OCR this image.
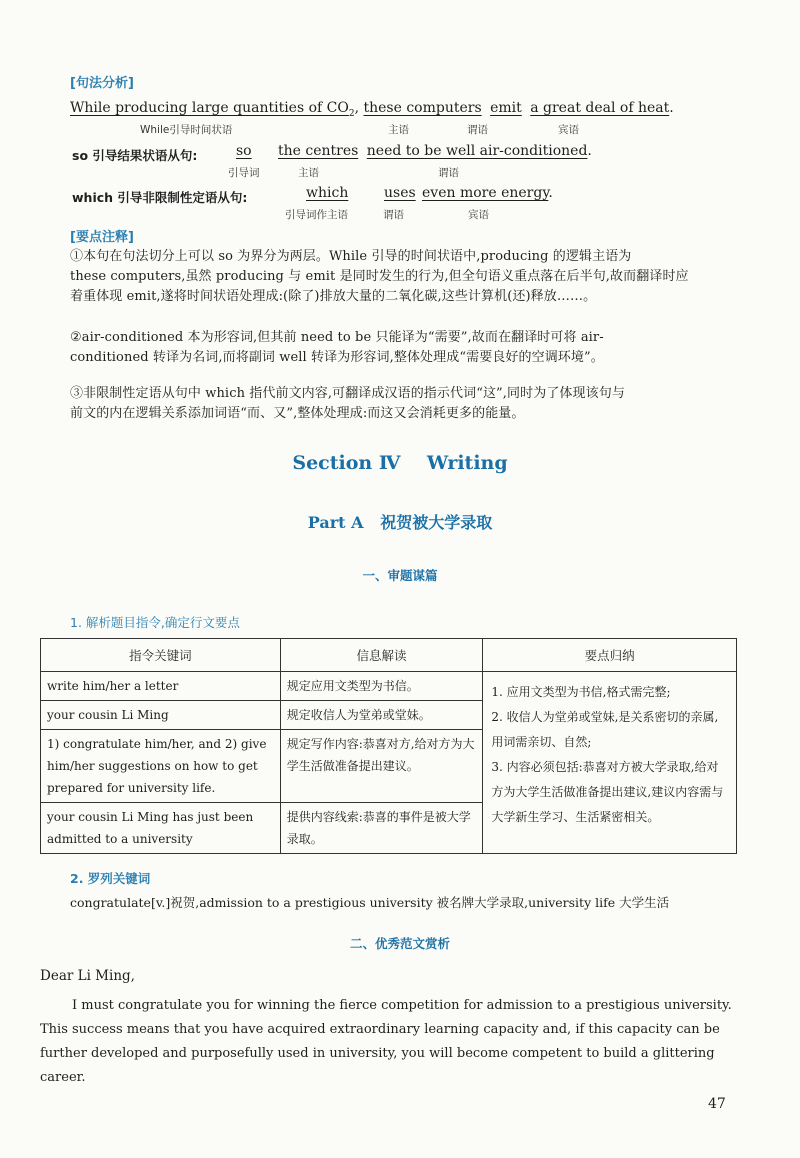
[句法分析]
While producing large quantities of $CO_2$, these computers emit a great deal of heat.
While引导时间状语	主语	谓语	宾语
so 引导结果状语从句:	so the centres need to be well air-conditioned.
引导词	主语	谓语
which 引导非限制性定语从句:	which	uses even more energy.
引导词作主语	谓语	宾语
[要点注释]
①本句在句法切分上可以 so 为界分为两层。While 引导的时间状语中,producing 的逻辑主语为
these computers,虽然 producing 与 emit 是同时发生的行为,但全句语义重点落在后半句,故而翻译时应
着重体现 emit,遂将时间状语处理成:(除了)排放大量的二氧化碳,这些计算机(还)释放……。
②air-conditioned 本为形容词,但其前 need to be 只能译为“需要”,故而在翻译时可将 air-
conditioned 转译为名词,而将副词 well 转译为形容词,整体处理成“需要良好的空调环境”。
③非限制性定语从句中 which 指代前文内容,可翻译成汉语的指示代词“这”,同时为了体现该句与
前文的内在逻辑关系添加词语“而、又”,整体处理成:而这又会消耗更多的能量。
Section Ⅳ    Writing
Part A   祝贺被大学录取
一、审题谋篇
1. 解析题目指令,确定行文要点
指令关键词	信息解读	要点归纳
write him/her a letter	规定应用文类型为书信。	1. 应用文类型为书信,格式需完整;
2. 收信人为堂弟或堂妹,是关系密切的亲属,用词需亲切、自然;
3. 内容必须包括:恭喜对方被大学录取,给对方为大学生活做准备提出建议,建议内容需与大学新生学习、生活紧密相关。

your cousin Li Ming	规定收信人为堂弟或堂妹。	
1) congratulate him/her, and 2) give him/her suggestions on how to get prepared for university life.	规定写作内容:恭喜对方,给对方为大学生活做准备提出建议。	
your cousin Li Ming has just been admitted to a university	提供内容线索:恭喜的事件是被大学录取。	
2. 罗列关键词
congratulate[v.]祝贺,admission to a prestigious university 被名牌大学录取,university life 大学生活
二、优秀范文赏析
Dear Li Ming,
I must congratulate you for winning the fierce competition for admission to a prestigious university.
This success means that you have acquired extraordinary learning capacity and, if this capacity can be
further developed and purposefully used in university, you will become competent to build a glittering
career.
47
